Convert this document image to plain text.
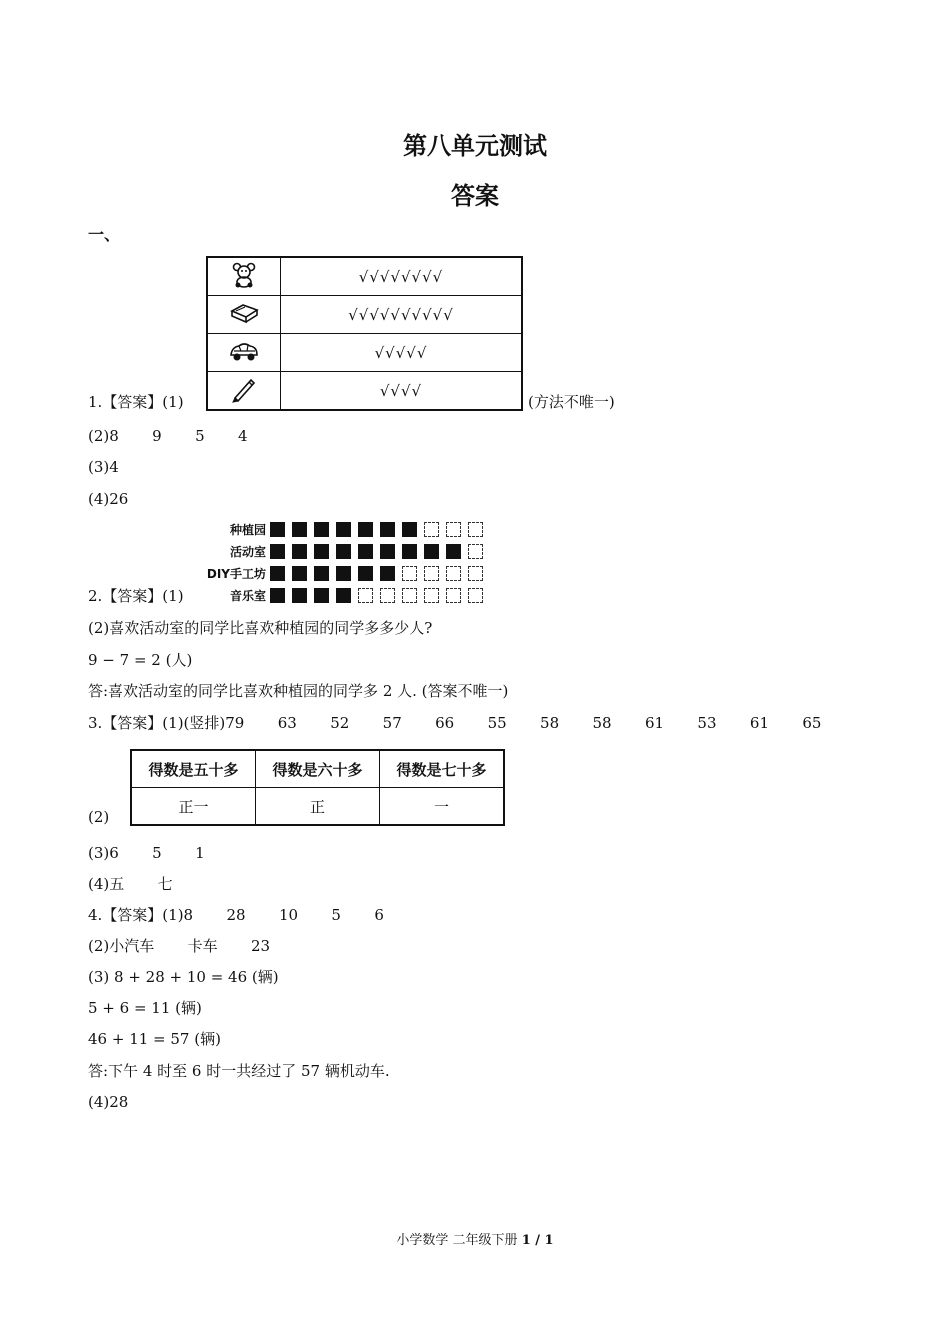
第八单元测试
答案
一、
	√√√√√√√√
	√√√√√√√√√√
	√√√√√
	√√√√
1.【答案】(1)	(方法不唯一)
(2)8       9       5       4
(3)4
(4)26
种植园
活动室
DIY手工坊
音乐室
2.【答案】(1)
(2)喜欢活动室的同学比喜欢种植园的同学多多少人?
9 − 7 = 2 (人)
答:喜欢活动室的同学比喜欢种植园的同学多 2 人. (答案不唯一)
3.【答案】(1)(竖排)79       63       52       57       66       55       58       58       61       53       61       65
得数是五十多	得数是六十多	得数是七十多
正一	正	一
(2)
(3)6       5       1
(4)五       七
4.【答案】(1)8       28       10       5       6
(2)小汽车       卡车       23
(3) 8 + 28 + 10 = 46 (辆)
5 + 6 = 11 (辆)
46 + 11 = 57 (辆)
答:下午 4 时至 6 时一共经过了 57 辆机动车.
(4)28
小学数学 二年级下册 1 / 1
